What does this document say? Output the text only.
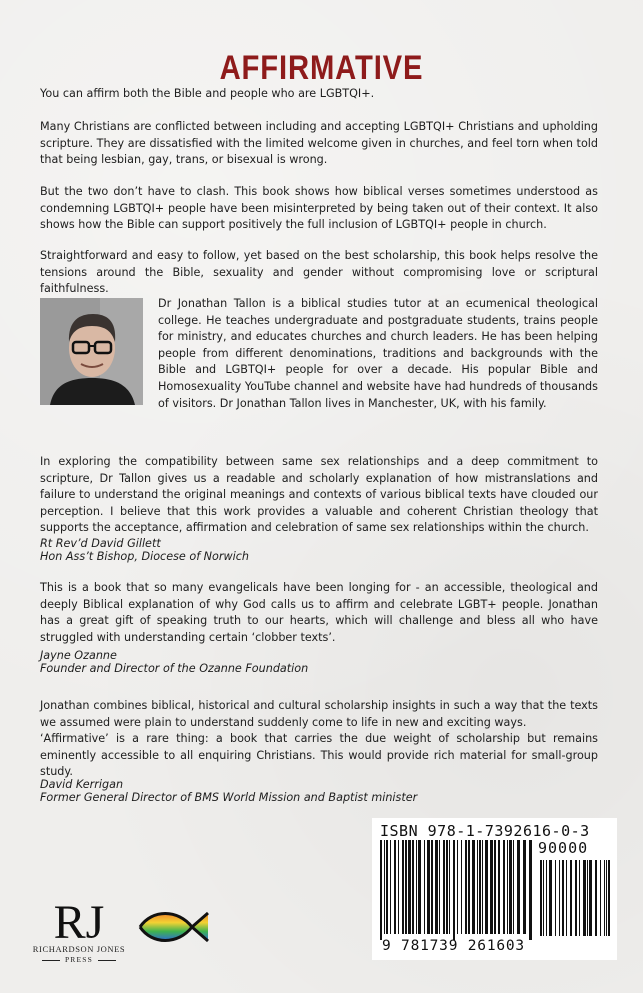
AFFIRMATIVE

You can affirm both the Bible and people who are LGBTQI+.

Many Christians are conflicted between including and accepting LGBTQI+ Christians and upholding scripture. They are dissatisfied with the limited welcome given in churches, and feel torn when told that being lesbian, gay, trans, or bisexual is wrong.

But the two don’t have to clash. This book shows how biblical verses sometimes understood as condemning LGBTQI+ people have been misinterpreted by being taken out of their context. It also shows how the Bible can support positively the full inclusion of LGBTQI+ people in church.

Straightforward and easy to follow, yet based on the best scholarship, this book helps resolve the tensions around the Bible, sexuality and gender without compromising love or scriptural faithfulness.

Dr Jonathan Tallon is a biblical studies tutor at an ecumenical theological college. He teaches undergraduate and postgraduate students, trains people for ministry, and educates churches and church leaders. He has been helping people from different denominations, traditions and backgrounds with the Bible and LGBTQI+ people for over a decade. His popular Bible and Homosexuality YouTube channel and website have had hundreds of thousands of visitors. Dr Jonathan Tallon lives in Manchester, UK, with his family.

In exploring the compatibility between same sex relationships and a deep commitment to scripture, Dr Tallon gives us a readable and scholarly explanation of how mistranslations and failure to understand the original meanings and contexts of various biblical texts have clouded our perception. I believe that this work provides a valuable and coherent Christian theology that supports the acceptance, affirmation and celebration of same sex relationships within the church.

Rt Rev’d David Gillett

Hon Ass’t Bishop, Diocese of Norwich

This is a book that so many evangelicals have been longing for - an accessible, theological and deeply Biblical explanation of why God calls us to affirm and celebrate LGBT+ people. Jonathan has a great gift of speaking truth to our hearts, which will challenge and bless all who have struggled with understanding certain ‘clobber texts’.

Jayne Ozanne

Founder and Director of the Ozanne Foundation

Jonathan combines biblical, historical and cultural scholarship insights in such a way that the texts we assumed were plain to understand suddenly come to life in new and exciting ways.

‘Affirmative’ is a rare thing: a book that carries the due weight of scholarship but remains eminently accessible to all enquiring Christians. This would provide rich material for small-group study.

David Kerrigan

Former General Director of BMS World Mission and Baptist minister

ISBN 978-1-7392616-0-3

90000

9 781739 261603

RJ

RICHARDSON JONES

PRESS
